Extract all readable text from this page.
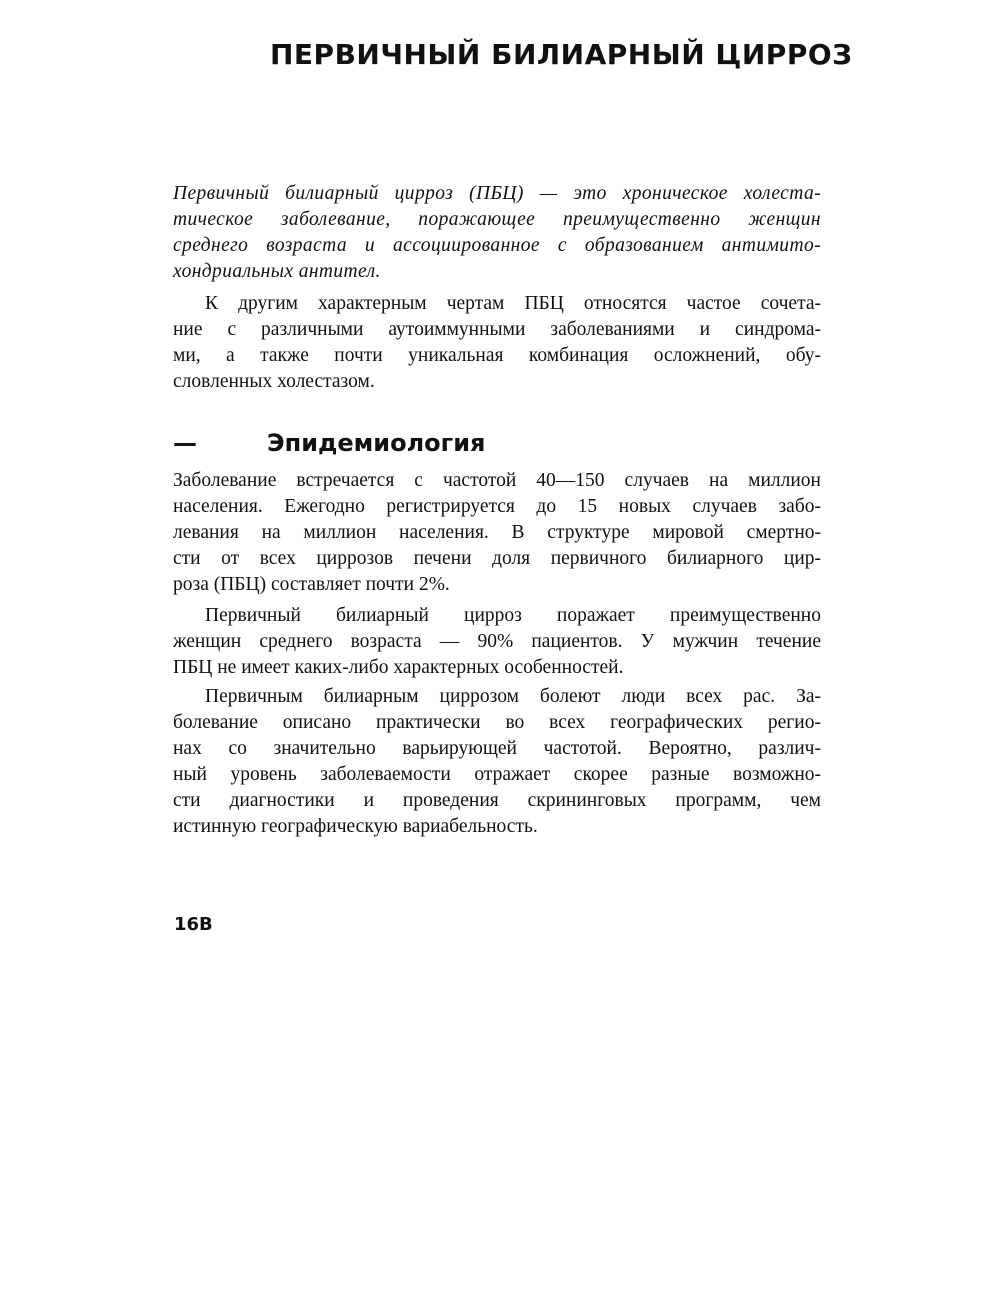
ПЕРВИЧНЫЙ БИЛИАРНЫЙ ЦИРРОЗ
Первичный билиарный цирроз (ПБЦ) — это хроническое холеста-
тическое заболевание, поражающее преимущественно женщин
среднего возраста и ассоциированное с образованием антимито-
хондриальных антител.
К другим характерным чертам ПБЦ относятся частое сочета-
ние с различными аутоиммунными заболеваниями и синдрома-
ми, а также почти уникальная комбинация осложнений, обу-
словленных холестазом.
—	Эпидемиология
Заболевание встречается с частотой 40—150 случаев на миллион
населения. Ежегодно регистрируется до 15 новых случаев забо-
левания на миллион населения. В структуре мировой смертно-
сти от всех циррозов печени доля первичного билиарного цир-
роза (ПБЦ) составляет почти 2%.
Первичный билиарный цирроз поражает преимущественно
женщин среднего возраста — 90% пациентов. У мужчин течение
ПБЦ не имеет каких-либо характерных особенностей.
Первичным билиарным циррозом болеют люди всех рас. За-
болевание описано практически во всех географических регио-
нах со значительно варьирующей частотой. Вероятно, различ-
ный уровень заболеваемости отражает скорее разные возможно-
сти диагностики и проведения скрининговых программ, чем
истинную географическую вариабельность.
16B
